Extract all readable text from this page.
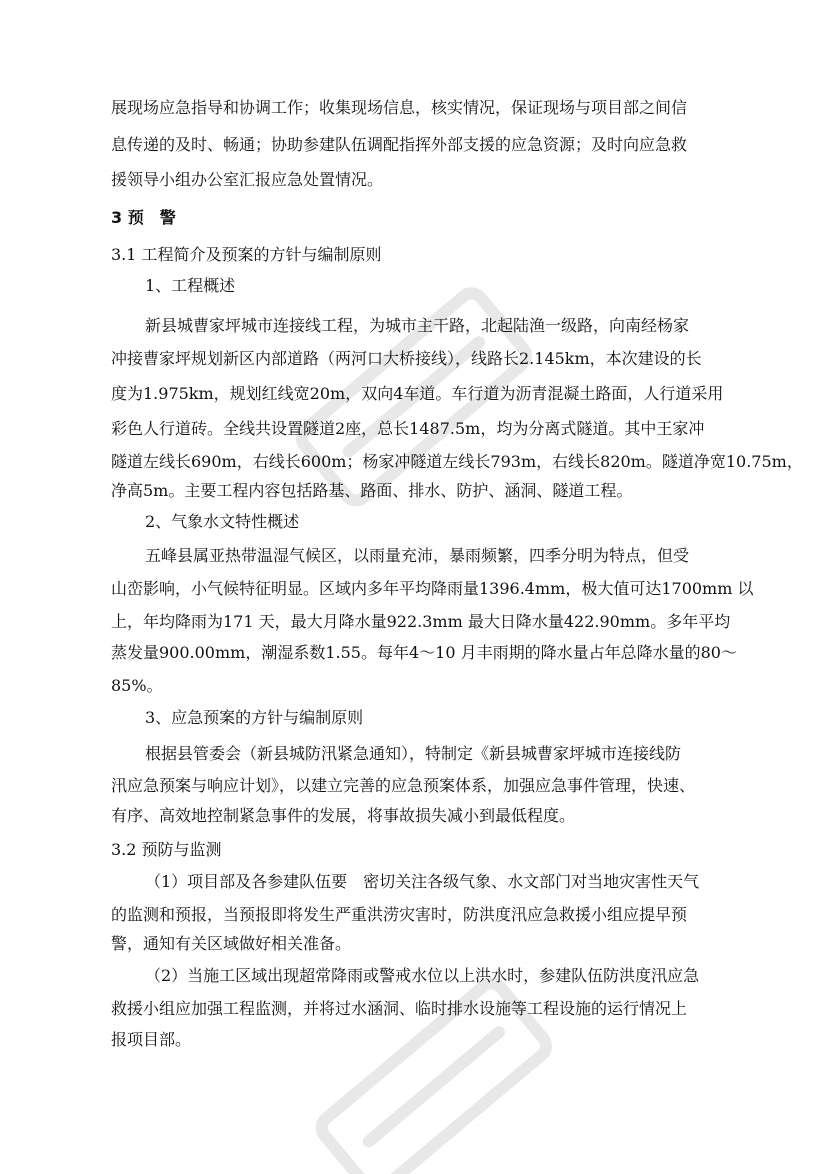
展现场应急指导和协调工作；收集现场信息，核实情况，保证现场与项目部之间信
息传递的及时、畅通；协助参建队伍调配指挥外部支援的应急资源；及时向应急救
援领导小组办公室汇报应急处置情况。
3 预　警
3.1 工程简介及预案的方针与编制原则
1、工程概述
新县城曹家坪城市连接线工程，为城市主干路，北起陆渔一级路，向南经杨家
冲接曹家坪规划新区内部道路（两河口大桥接线），线路长2.145km，本次建设的长
度为1.975km，规划红线宽20m，双向4车道。车行道为沥青混凝土路面，人行道采用
彩色人行道砖。全线共设置隧道2座，总长1487.5m，均为分离式隧道。其中王家冲
隧道左线长690m，右线长600m；杨家冲隧道左线长793m，右线长820m。隧道净宽10.75m，
净高5m。主要工程内容包括路基、路面、排水、防护、涵洞、隧道工程。
2、气象水文特性概述
五峰县属亚热带温湿气候区，以雨量充沛，暴雨频繁，四季分明为特点，但受
山峦影响，小气候特征明显。区域内多年平均降雨量1396.4mm，极大值可达1700mm 以
上，年均降雨为171 天，最大月降水量922.3mm 最大日降水量422.90mm。多年平均
蒸发量900.00mm，潮湿系数1.55。每年4～10 月丰雨期的降水量占年总降水量的80～
85%。
3、应急预案的方针与编制原则
根据县管委会（新县城防汛紧急通知），特制定《新县城曹家坪城市连接线防
汛应急预案与响应计划》，以建立完善的应急预案体系，加强应急事件管理，快速、
有序、高效地控制紧急事件的发展，将事故损失减小到最低程度。
3.2 预防与监测
（1）项目部及各参建队伍要　密切关注各级气象、水文部门对当地灾害性天气
的监测和预报，当预报即将发生严重洪涝灾害时，防洪度汛应急救援小组应提早预
警，通知有关区域做好相关准备。
（2）当施工区域出现超常降雨或警戒水位以上洪水时，参建队伍防洪度汛应急
救援小组应加强工程监测，并将过水涵洞、临时排水设施等工程设施的运行情况上
报项目部。
